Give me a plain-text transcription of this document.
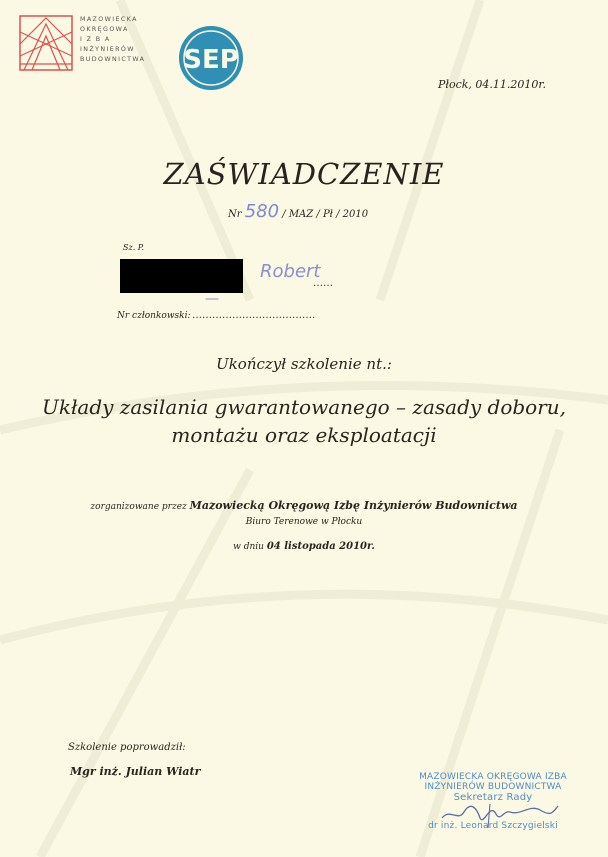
MAZOWIECKA
OKRĘGOWA
I Z B A
INŻYNIERÓW
BUDOWNICTWA SEP
Płock, 04.11.2010r.
ZAŚWIADCZENIE
Nr 580 / MAZ / Pł / 2010
Sz. P.
Robert
……
Nr członkowski: ……………………………….
—
Ukończył szkolenie nt.:
Układy zasilania gwarantowanego – zasady doboru,
montażu oraz eksploatacji
zorganizowane przez Mazowiecką Okręgową Izbę Inżynierów Budownictwa
Biuro Terenowe w Płocku
w dniu 04 listopada 2010r.
Szkolenie poprowadził:
Mgr inż. Julian Wiatr	MAZOWIECKA OKRĘGOWA IZBA
INŻYNIERÓW BUDOWNICTWA
Sekretarz Rady
dr inż. Leonard Szczygielski
